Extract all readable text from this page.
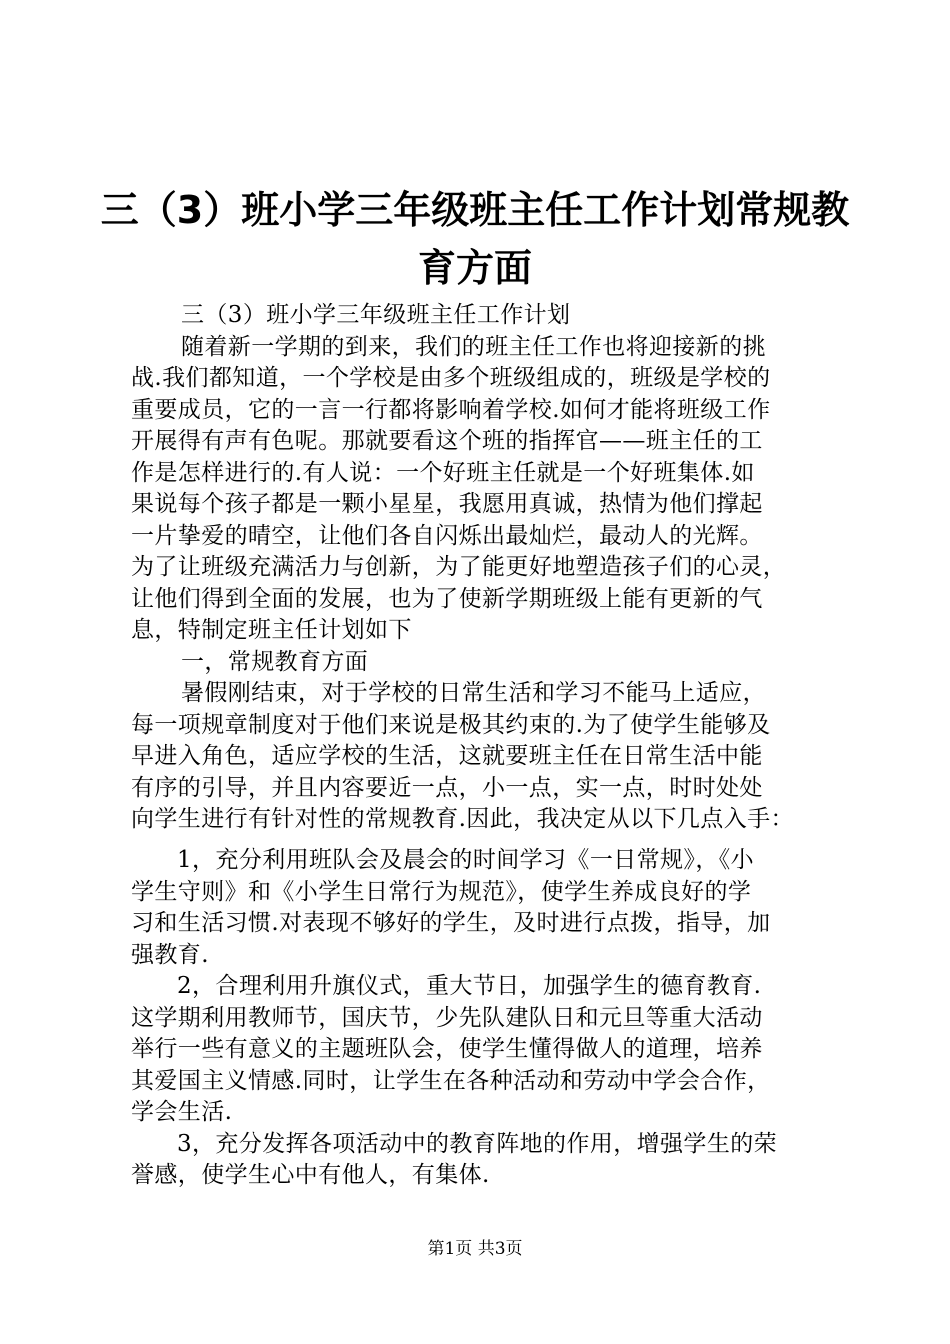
三（3）班小学三年级班主任工作计划常规教
育方面
三（3）班小学三年级班主任工作计划
随着新一学期的到来，我们的班主任工作也将迎接新的挑
战.我们都知道，一个学校是由多个班级组成的，班级是学校的
重要成员，它的一言一行都将影响着学校.如何才能将班级工作
开展得有声有色呢。那就要看这个班的指挥官——班主任的工
作是怎样进行的.有人说：一个好班主任就是一个好班集体.如
果说每个孩子都是一颗小星星，我愿用真诚，热情为他们撑起
一片挚爱的晴空，让他们各自闪烁出最灿烂，最动人的光辉。
为了让班级充满活力与创新，为了能更好地塑造孩子们的心灵，
让他们得到全面的发展，也为了使新学期班级上能有更新的气
息，特制定班主任计划如下
一，常规教育方面
暑假刚结束，对于学校的日常生活和学习不能马上适应，
每一项规章制度对于他们来说是极其约束的.为了使学生能够及
早进入角色，适应学校的生活，这就要班主任在日常生活中能
有序的引导，并且内容要近一点，小一点，实一点，时时处处
向学生进行有针对性的常规教育.因此，我决定从以下几点入手：
1，充分利用班队会及晨会的时间学习《一日常规》，《小
学生守则》和《小学生日常行为规范》，使学生养成良好的学
习和生活习惯.对表现不够好的学生，及时进行点拨，指导，加
强教育.
2，合理利用升旗仪式，重大节日，加强学生的德育教育.
这学期利用教师节，国庆节，少先队建队日和元旦等重大活动
举行一些有意义的主题班队会，使学生懂得做人的道理，培养
其爱国主义情感.同时，让学生在各种活动和劳动中学会合作，
学会生活.
3，充分发挥各项活动中的教育阵地的作用，增强学生的荣
誉感，使学生心中有他人，有集体.
第1页 共3页
